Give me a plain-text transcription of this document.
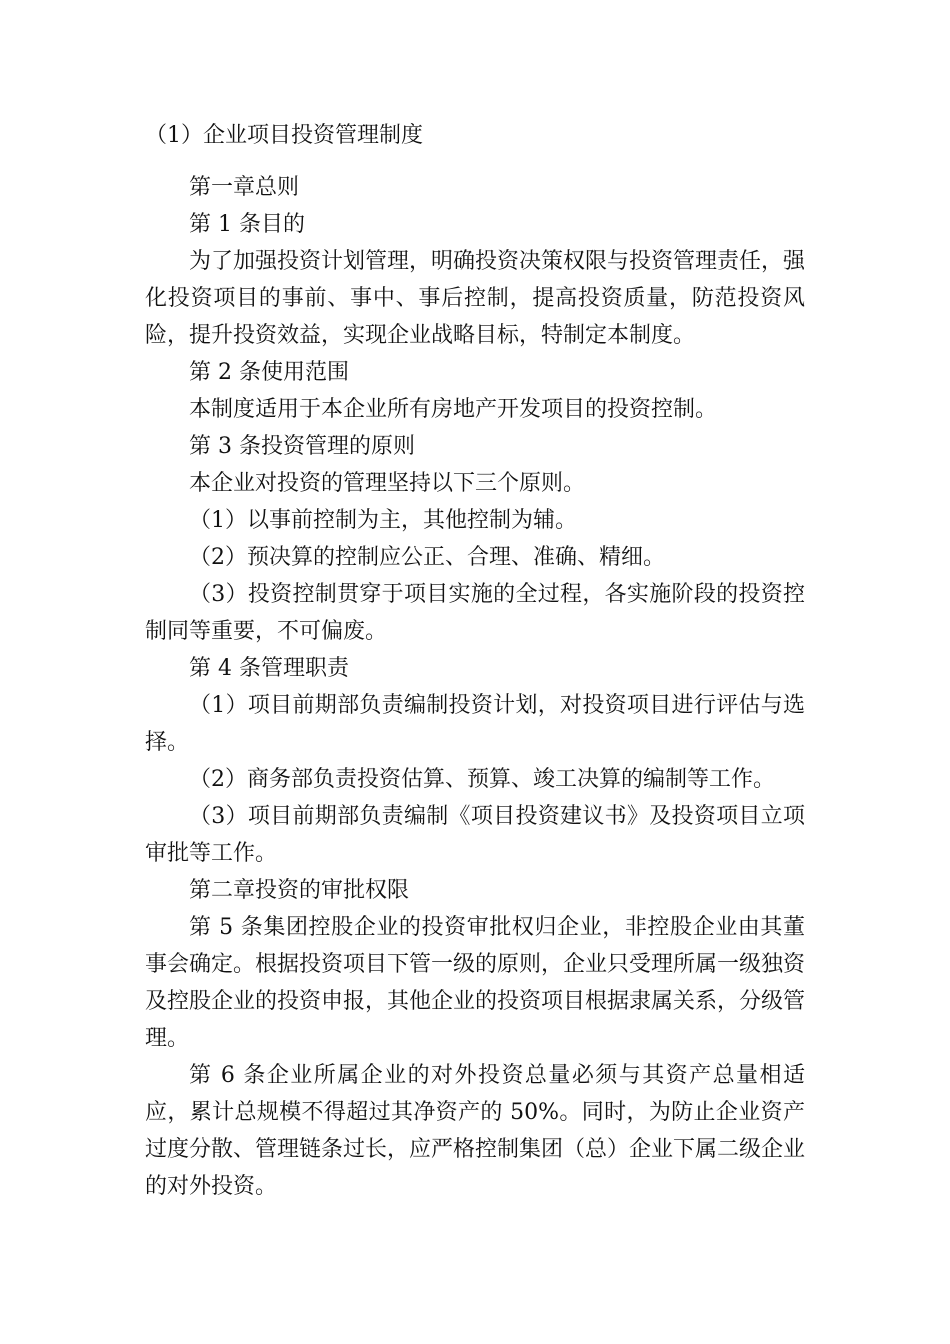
（1）企业项目投资管理制度

第一章总则

第 1 条目的

为了加强投资计划管理，明确投资决策权限与投资管理责任，强化投资项目的事前、事中、事后控制，提高投资质量，防范投资风险，提升投资效益，实现企业战略目标，特制定本制度。

第 2 条使用范围

本制度适用于本企业所有房地产开发项目的投资控制。

第 3 条投资管理的原则

本企业对投资的管理坚持以下三个原则。

（1）以事前控制为主，其他控制为辅。

（2）预决算的控制应公正、合理、准确、精细。

（3）投资控制贯穿于项目实施的全过程，各实施阶段的投资控制同等重要，不可偏废。

第 4 条管理职责

（1）项目前期部负责编制投资计划，对投资项目进行评估与选择。

（2）商务部负责投资估算、预算、竣工决算的编制等工作。

（3）项目前期部负责编制《项目投资建议书》及投资项目立项审批等工作。

第二章投资的审批权限

第 5 条集团控股企业的投资审批权归企业，非控股企业由其董事会确定。根据投资项目下管一级的原则，企业只受理所属一级独资及控股企业的投资申报，其他企业的投资项目根据隶属关系，分级管理。

第 6 条企业所属企业的对外投资总量必须与其资产总量相适应，累计总规模不得超过其净资产的 50%。同时，为防止企业资产过度分散、管理链条过长，应严格控制集团（总）企业下属二级企业的对外投资。
